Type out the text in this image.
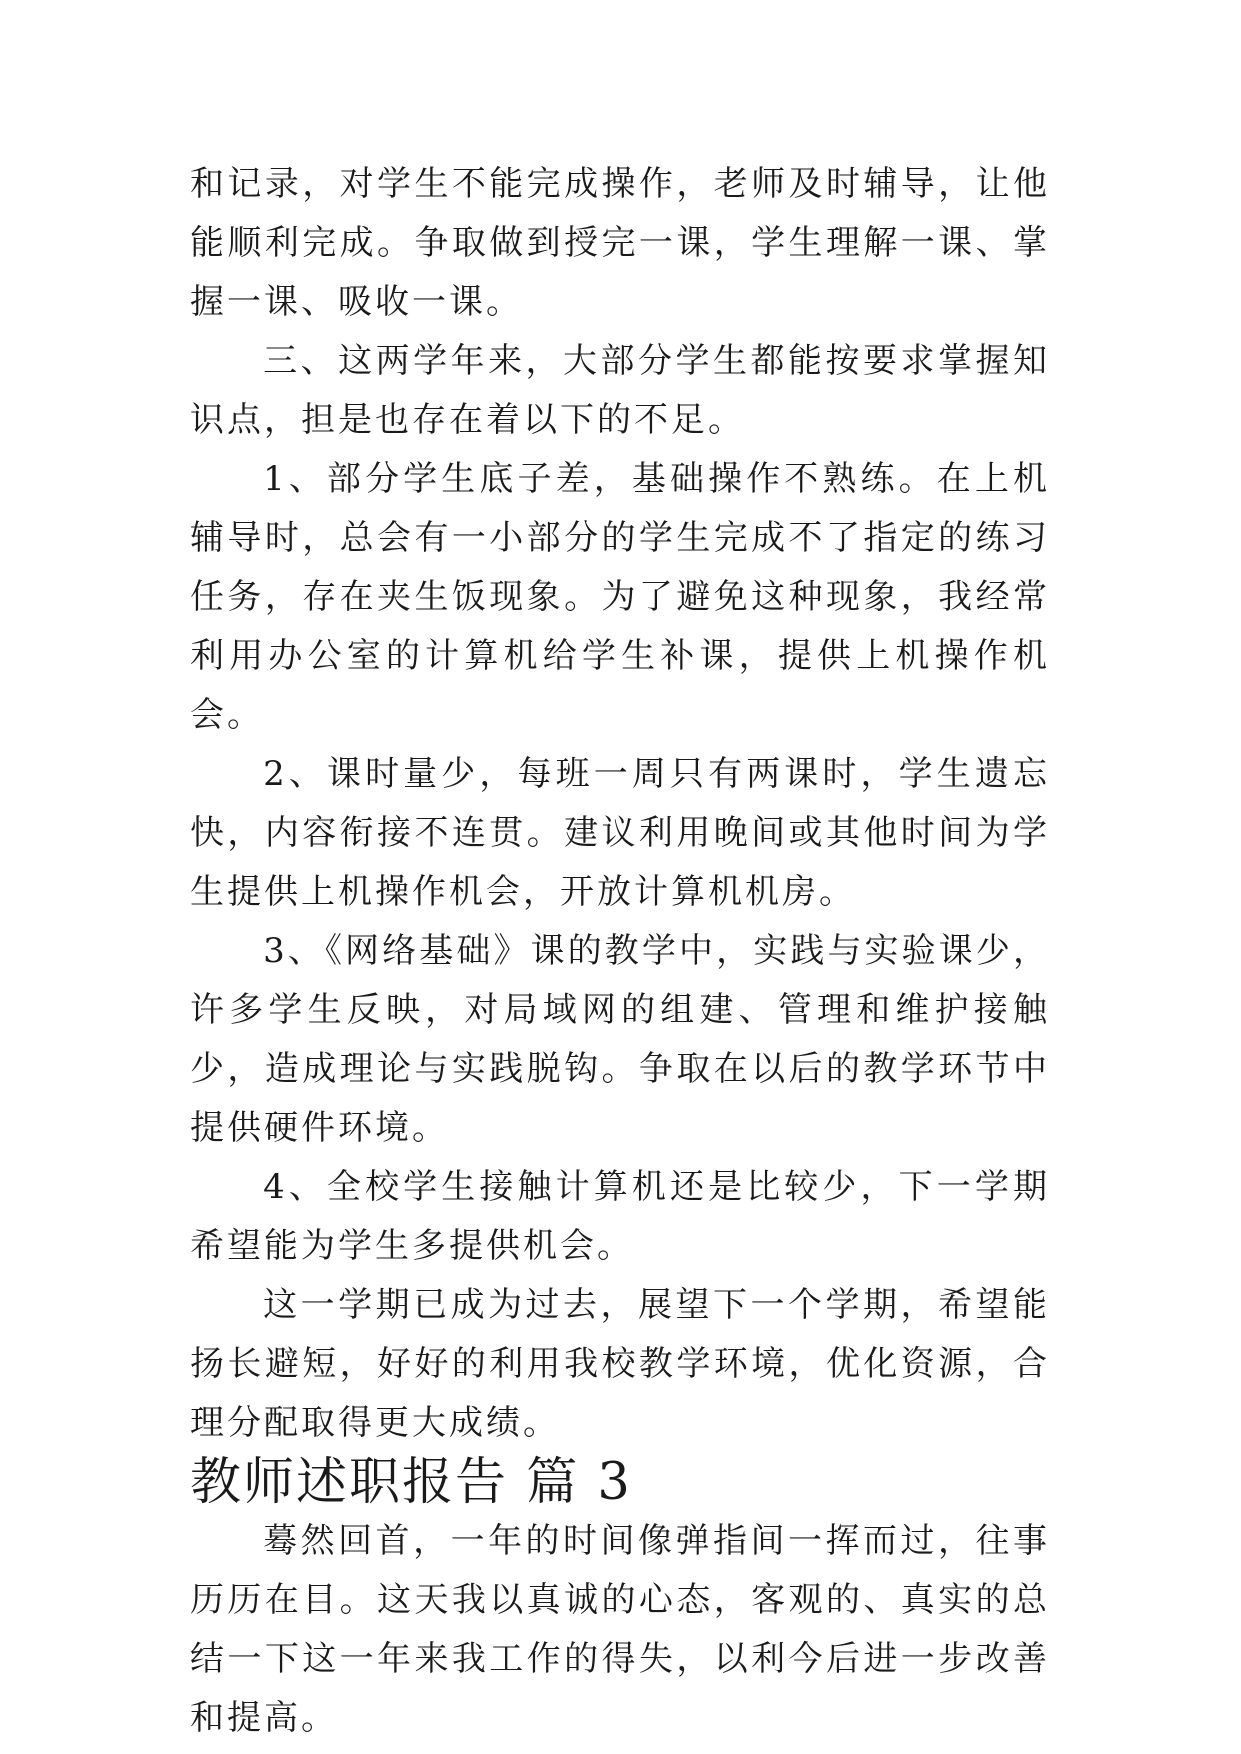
和记录，对学生不能完成操作，老师及时辅导，让他能顺利完成。争取做到授完一课，学生理解一课、掌握一课、吸收一课。

三、这两学年来，大部分学生都能按要求掌握知识点，担是也存在着以下的不足。

1、部分学生底子差，基础操作不熟练。在上机辅导时，总会有一小部分的学生完成不了指定的练习任务，存在夹生饭现象。为了避免这种现象，我经常利用办公室的计算机给学生补课，提供上机操作机会。

2、课时量少，每班一周只有两课时，学生遗忘快，内容衔接不连贯。建议利用晚间或其他时间为学生提供上机操作机会，开放计算机机房。

3、《网络基础》课的教学中，实践与实验课少，许多学生反映，对局域网的组建、管理和维护接触少，造成理论与实践脱钩。争取在以后的教学环节中提供硬件环境。

4、全校学生接触计算机还是比较少，下一学期希望能为学生多提供机会。

这一学期已成为过去，展望下一个学期，希望能扬长避短，好好的利用我校教学环境，优化资源，合理分配取得更大成绩。

教师述职报告 篇 3

蓦然回首，一年的时间像弹指间一挥而过，往事历历在目。这天我以真诚的心态，客观的、真实的总结一下这一年来我工作的得失，以利今后进一步改善和提高。
